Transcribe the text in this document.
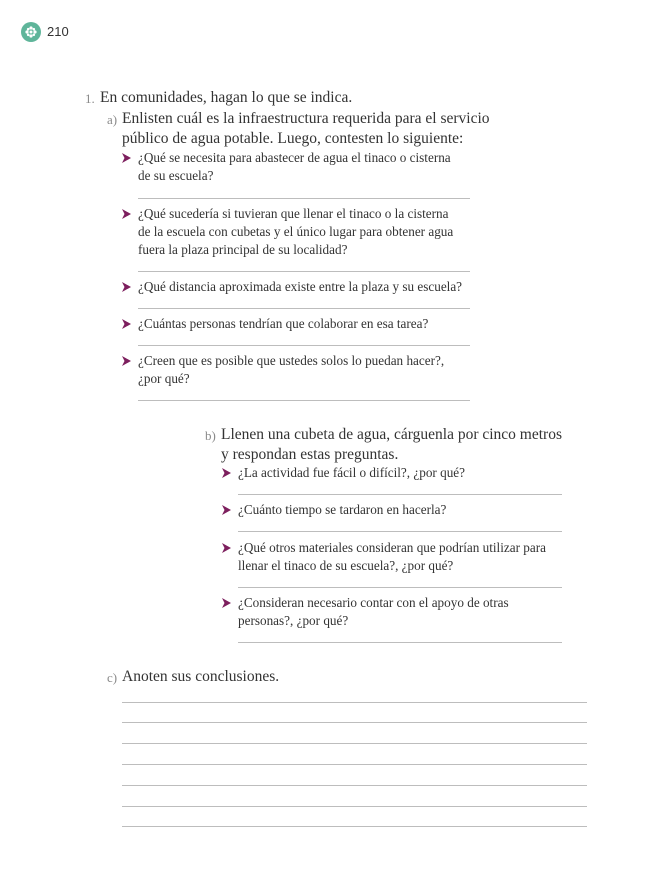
210
1. En comunidades, hagan lo que se indica.
a) Enlisten cuál es la infraestructura requerida para el servicio
público de agua potable. Luego, contesten lo siguiente:
¿Qué se necesita para abastecer de agua el tinaco o cisterna
de su escuela?
¿Qué sucedería si tuvieran que llenar el tinaco o la cisterna
de la escuela con cubetas y el único lugar para obtener agua
fuera la plaza principal de su localidad?
¿Qué distancia aproximada existe entre la plaza y su escuela?
¿Cuántas personas tendrían que colaborar en esa tarea?
¿Creen que es posible que ustedes solos lo puedan hacer?,
¿por qué?
b) Llenen una cubeta de agua, cárguenla por cinco metros
y respondan estas preguntas.
¿La actividad fue fácil o difícil?, ¿por qué?
¿Cuánto tiempo se tardaron en hacerla?
¿Qué otros materiales consideran que podrían utilizar para
llenar el tinaco de su escuela?, ¿por qué?
¿Consideran necesario contar con el apoyo de otras
personas?, ¿por qué?
c) Anoten sus conclusiones.
